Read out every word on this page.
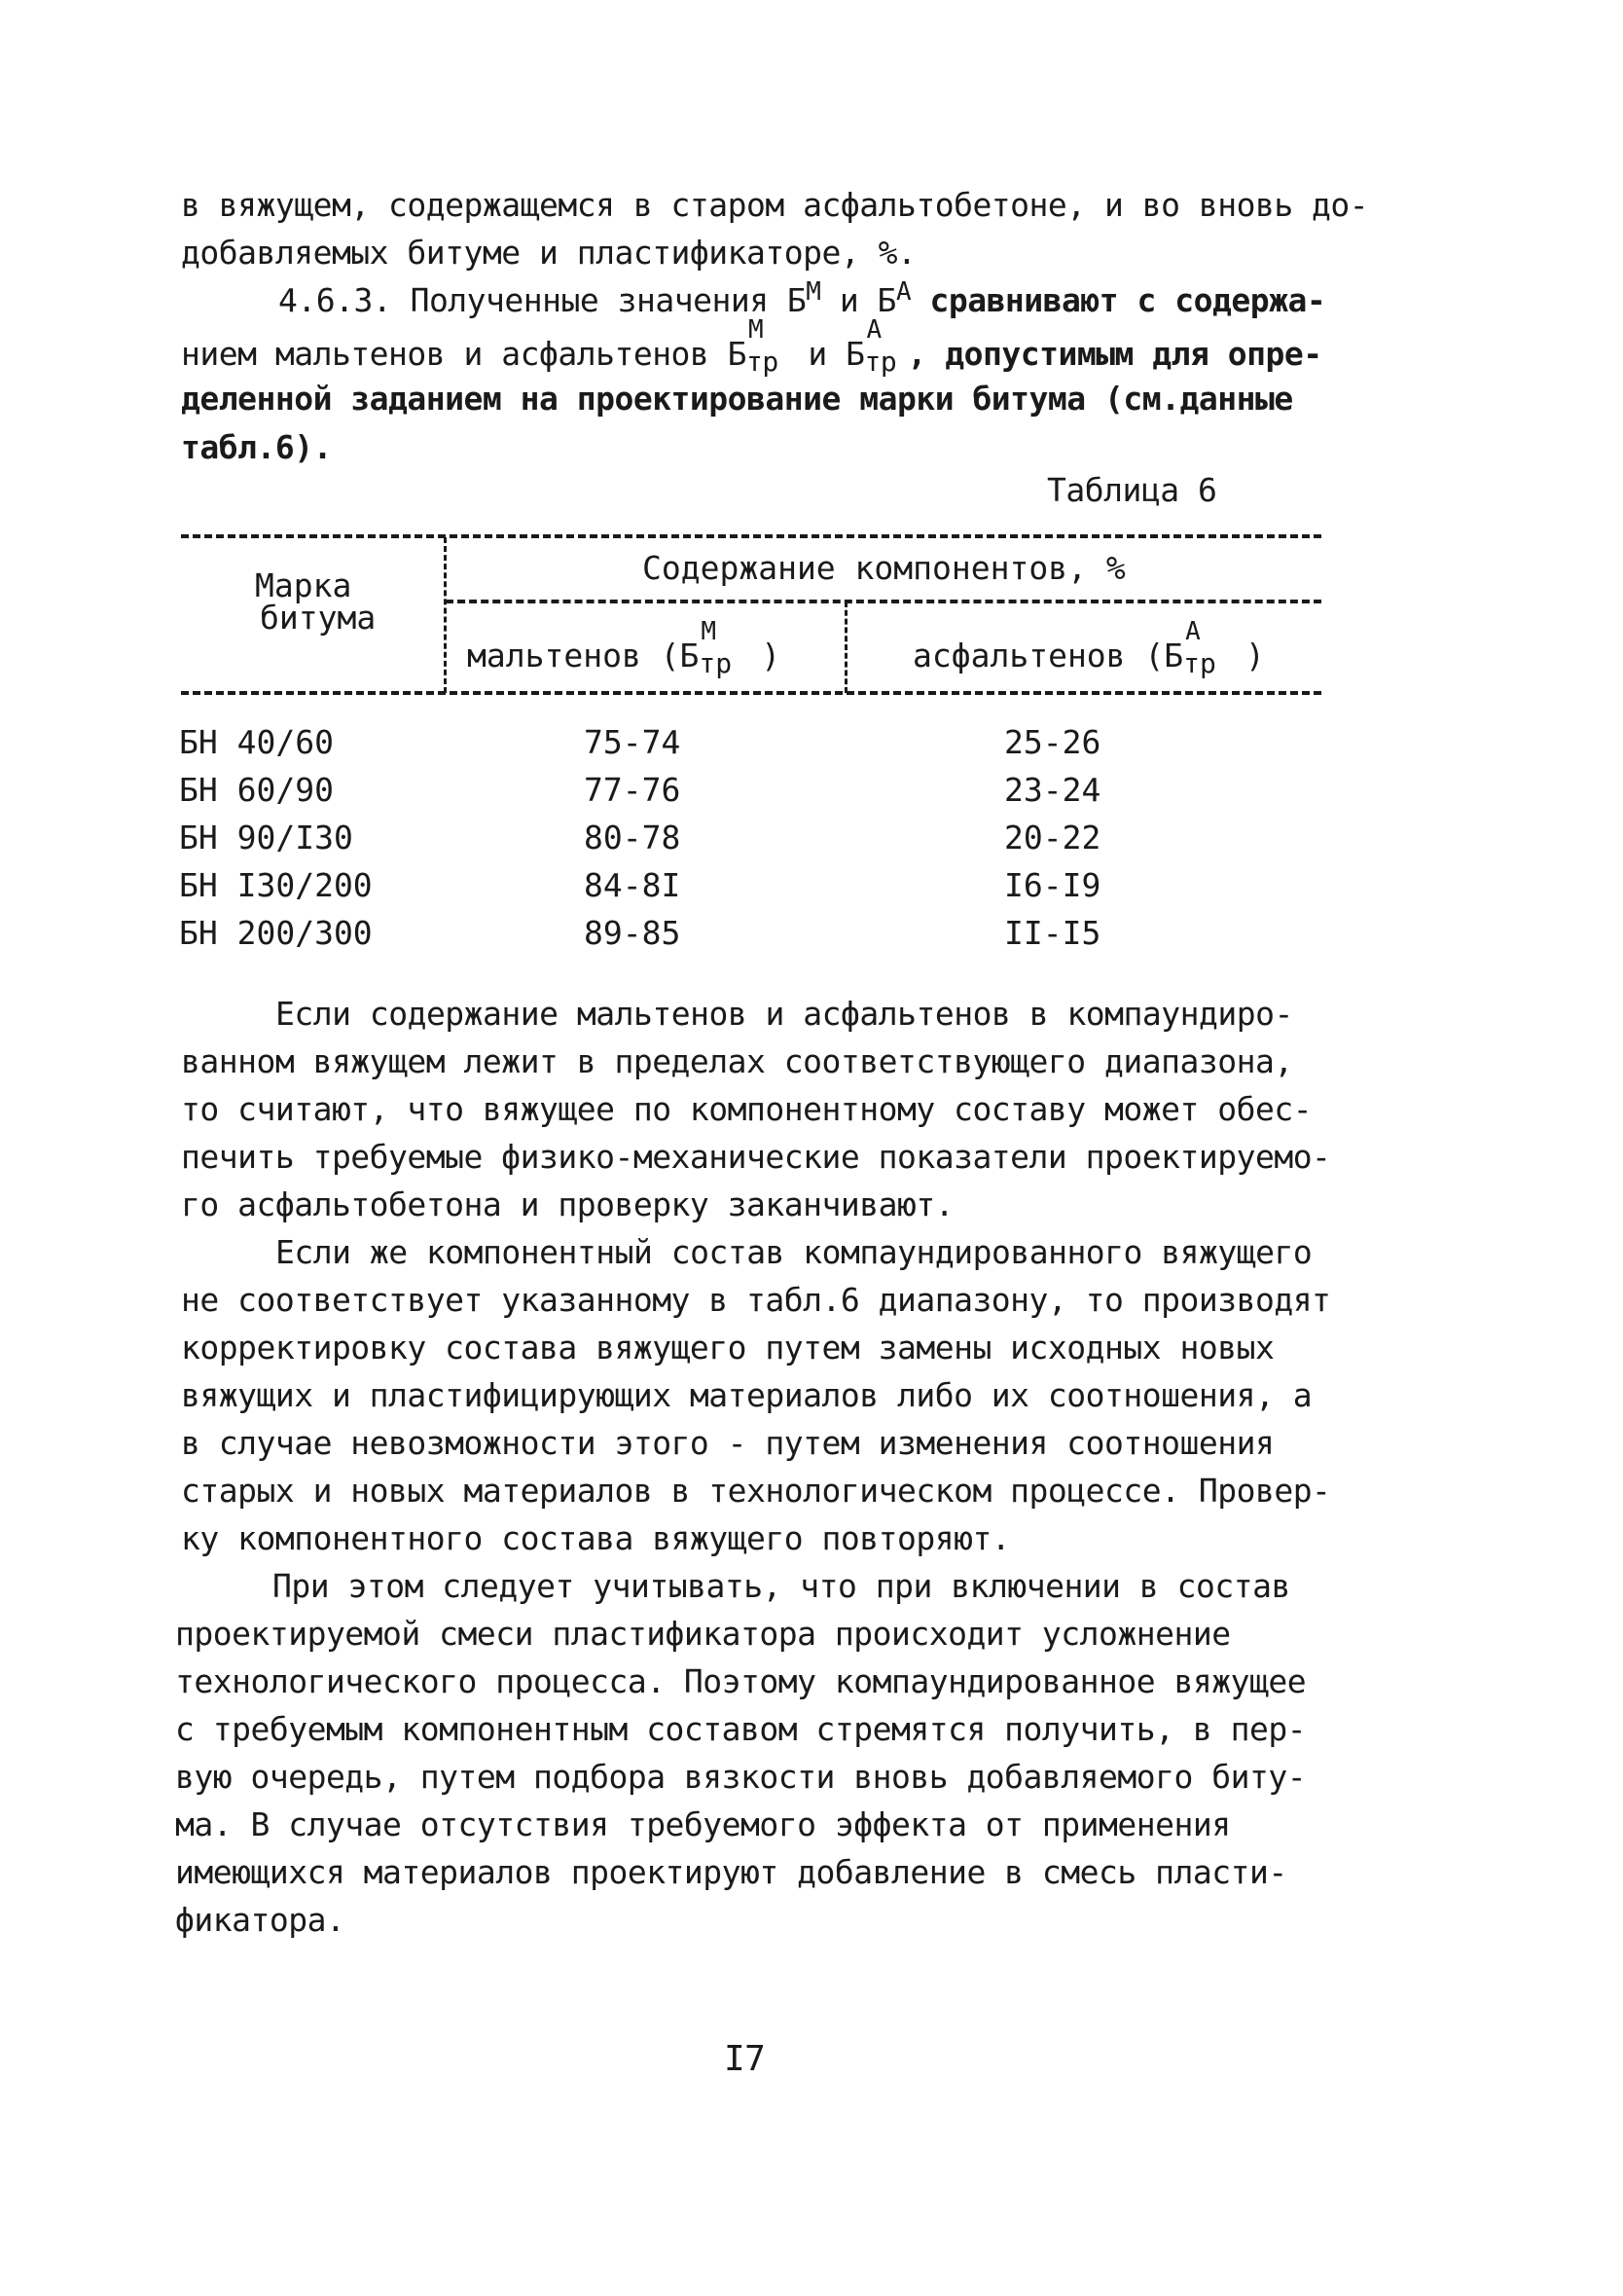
в вяжущем, содержащемся в старом асфальтобетоне, и во вновь до-
добавляемых битуме и пластификаторе, %.
4.6.3. Полученные значения $Б^М$ и $Б^А$ сравнивают с содержа-
нием мальтенов и асфальтенов Б
М
тр и Б
А
тр , допустимым для опре-
деленной заданием на проектирование марки битума (см.данные
табл.6).
Таблица 6
Марка
битума
Содержание компонентов, %
мальтенов (Б
М
тр )	асфальтенов (Б
А
тр )
БН 40/60	75-74	25-26
БН 60/90	77-76	23-24
БН 90/I30	80-78	20-22
БН I30/200	84-8I	I6-I9
БН 200/300	89-85	II-I5
Если содержание мальтенов и асфальтенов в компаундиро-
ванном вяжущем лежит в пределах соответствующего диапазона,
то считают, что вяжущее по компонентному составу может обес-
печить требуемые физико-механические показатели проектируемо-
го асфальтобетона и проверку заканчивают.
Если же компонентный состав компаундированного вяжущего
не соответствует указанному в табл.6 диапазону, то производят
корректировку состава вяжущего путем замены исходных новых
вяжущих и пластифицирующих материалов либо их соотношения, а
в случае невозможности этого - путем изменения соотношения
старых и новых материалов в технологическом процессе. Провер-
ку компонентного состава вяжущего повторяют.
При этом следует учитывать, что при включении в состав
проектируемой смеси пластификатора происходит усложнение
технологического процесса. Поэтому компаундированное вяжущее
с требуемым компонентным составом стремятся получить, в пер-
вую очередь, путем подбора вязкости вновь добавляемого биту-
ма. В случае отсутствия требуемого эффекта от применения
имеющихся материалов проектируют добавление в смесь пласти-
фикатора.
I7
